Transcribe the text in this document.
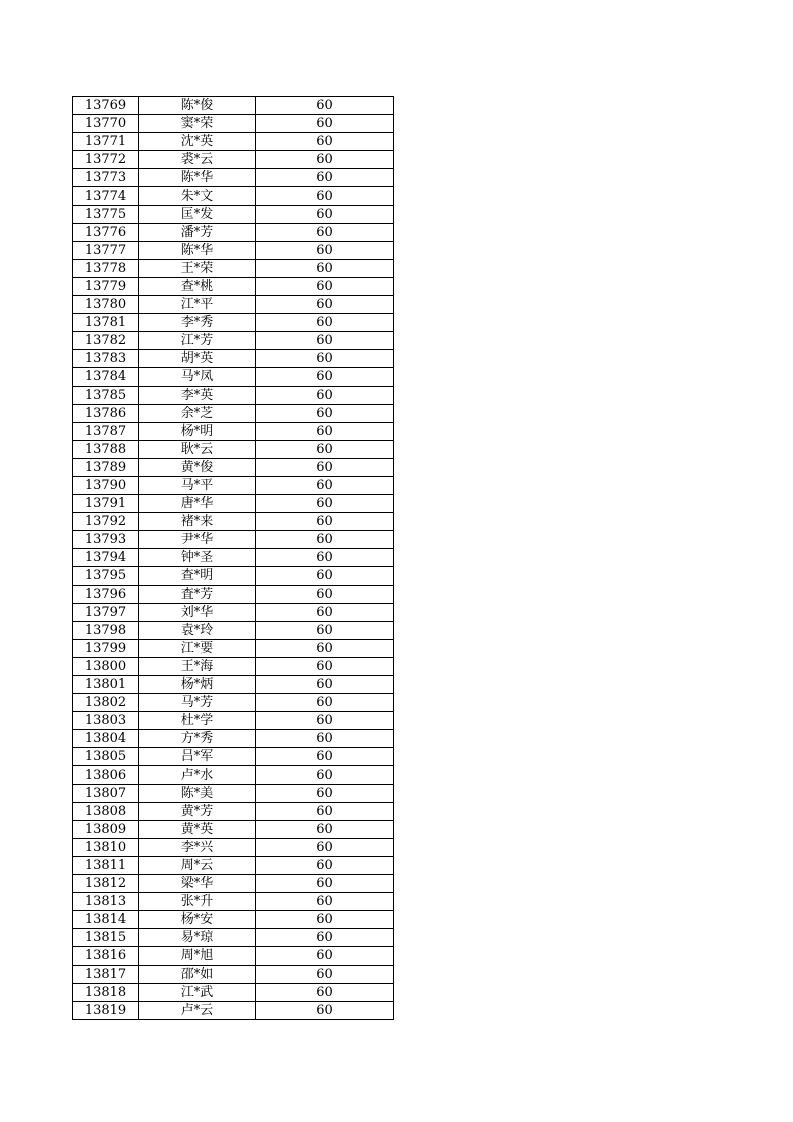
13769	陈*俊	60
13770	窦*荣	60
13771	沈*英	60
13772	裘*云	60
13773	陈*华	60
13774	朱*文	60
13775	匡*发	60
13776	潘*芳	60
13777	陈*华	60
13778	王*荣	60
13779	查*桃	60
13780	江*平	60
13781	李*秀	60
13782	江*芳	60
13783	胡*英	60
13784	马*凤	60
13785	李*英	60
13786	余*芝	60
13787	杨*明	60
13788	耿*云	60
13789	黄*俊	60
13790	马*平	60
13791	唐*华	60
13792	褚*来	60
13793	尹*华	60
13794	钟*圣	60
13795	查*明	60
13796	査*芳	60
13797	刘*华	60
13798	袁*玲	60
13799	江*要	60
13800	王*海	60
13801	杨*炳	60
13802	马*芳	60
13803	杜*学	60
13804	方*秀	60
13805	吕*军	60
13806	卢*水	60
13807	陈*美	60
13808	黄*芳	60
13809	黄*英	60
13810	李*兴	60
13811	周*云	60
13812	梁*华	60
13813	张*升	60
13814	杨*安	60
13815	易*琼	60
13816	周*旭	60
13817	邵*如	60
13818	江*武	60
13819	卢*云	60
